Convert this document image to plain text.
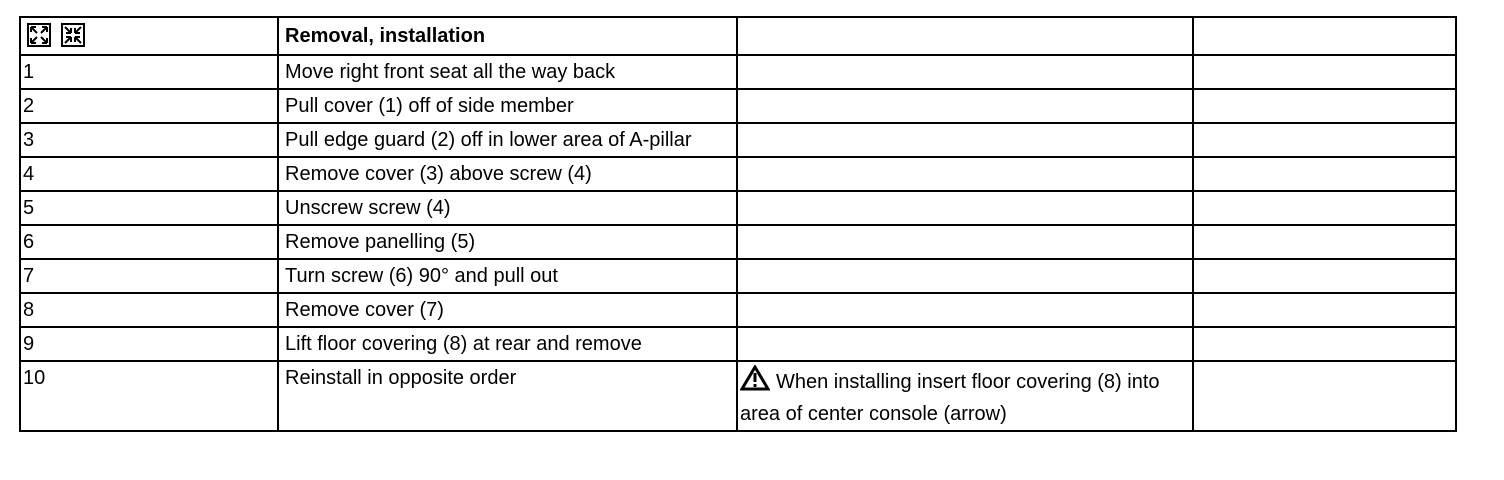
	Removal, installation		
1	Move right front seat all the way back		
2	Pull cover (1) off of side member		
3	Pull edge guard (2) off in lower area of A-pillar		
4	Remove cover (3) above screw (4)		
5	Unscrew screw (4)		
6	Remove panelling (5)		
7	Turn screw (6) 90° and pull out		
8	Remove cover (7)		
9	Lift floor covering (8) at rear and remove		
10	Reinstall in opposite order	When installing insert floor covering (8) into area of center console (arrow)	
